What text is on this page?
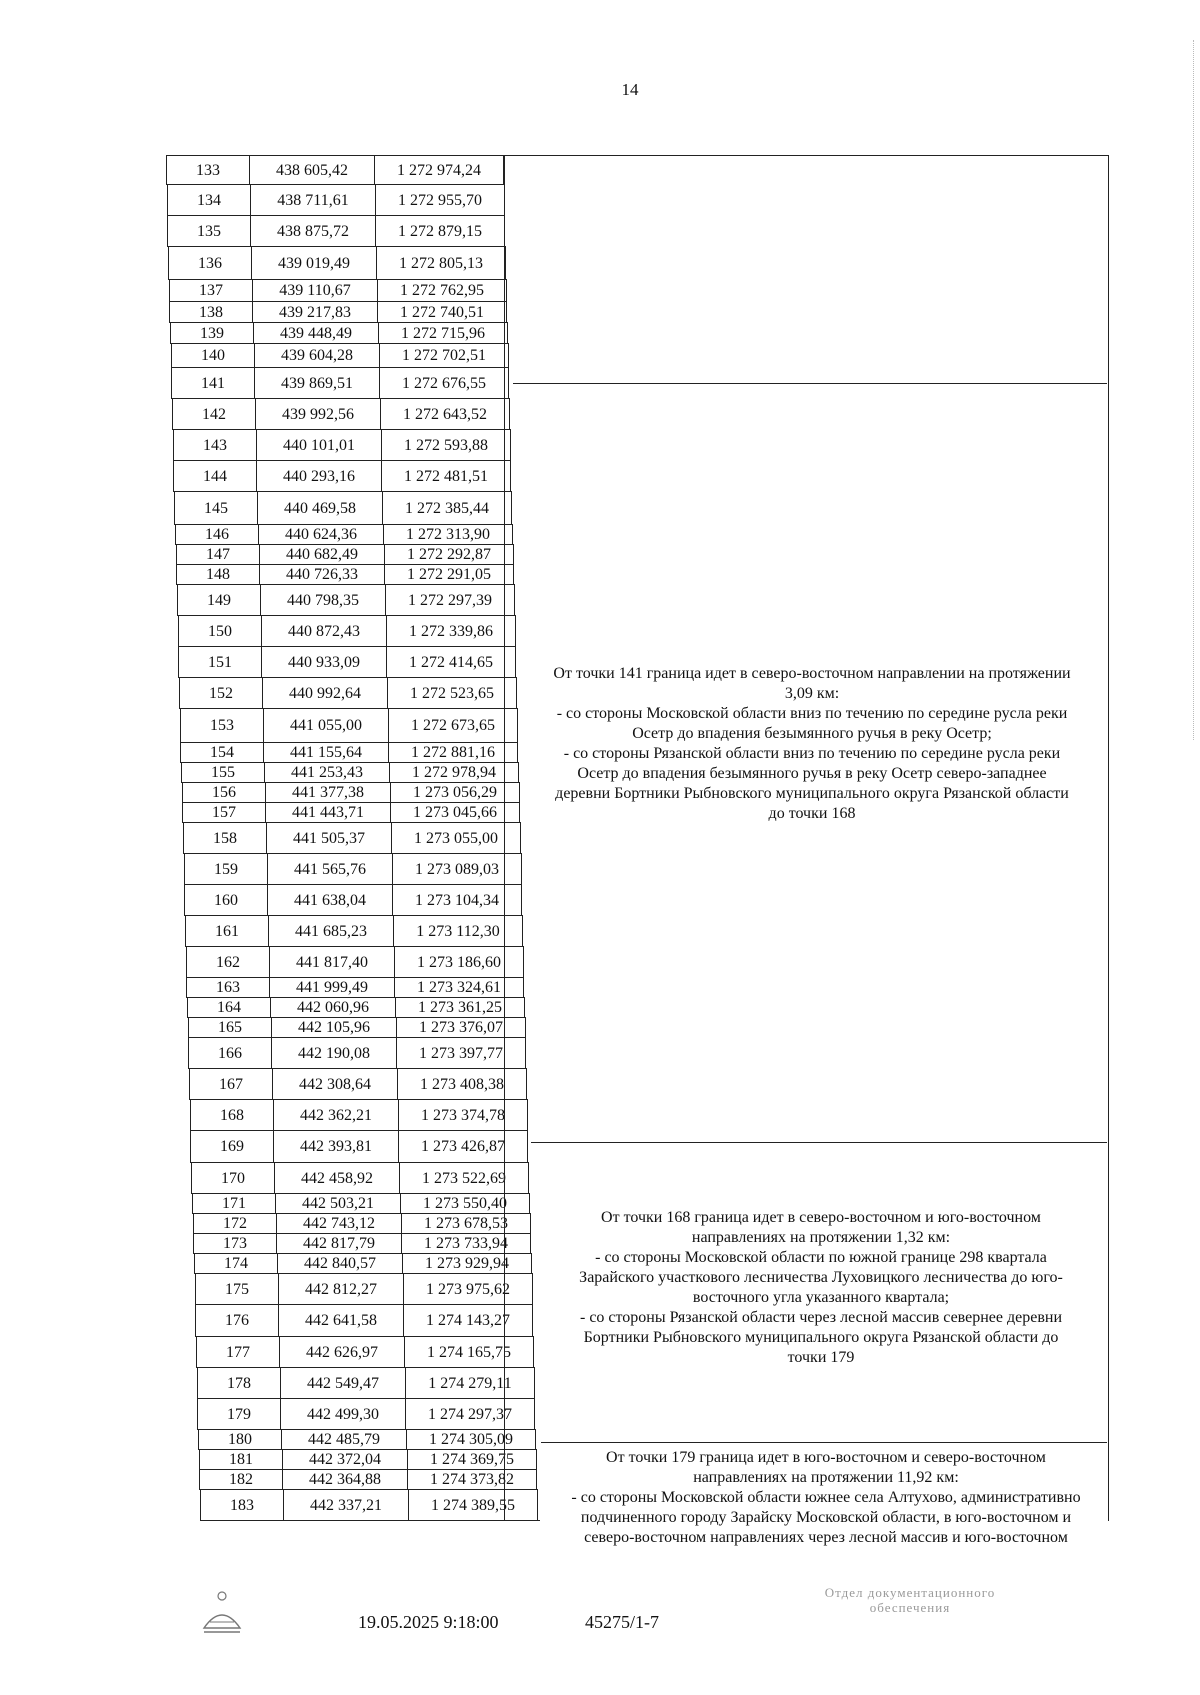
14
133	438 605,42	1 272 974,24
134	438 711,61	1 272 955,70
135	438 875,72	1 272 879,15
136	439 019,49	1 272 805,13
137	439 110,67	1 272 762,95
138	439 217,83	1 272 740,51
139	439 448,49	1 272 715,96
140	439 604,28	1 272 702,51
141	439 869,51	1 272 676,55
142	439 992,56	1 272 643,52
143	440 101,01	1 272 593,88
144	440 293,16	1 272 481,51
145	440 469,58	1 272 385,44
146	440 624,36	1 272 313,90
147	440 682,49	1 272 292,87
148	440 726,33	1 272 291,05
149	440 798,35	1 272 297,39
150	440 872,43	1 272 339,86
151	440 933,09	1 272 414,65
152	440 992,64	1 272 523,65
153	441 055,00	1 272 673,65
154	441 155,64	1 272 881,16
155	441 253,43	1 272 978,94
156	441 377,38	1 273 056,29
157	441 443,71	1 273 045,66
158	441 505,37	1 273 055,00
159	441 565,76	1 273 089,03
160	441 638,04	1 273 104,34
161	441 685,23	1 273 112,30
162	441 817,40	1 273 186,60
163	441 999,49	1 273 324,61
164	442 060,96	1 273 361,25
165	442 105,96	1 273 376,07
166	442 190,08	1 273 397,77
167	442 308,64	1 273 408,38
168	442 362,21	1 273 374,78
169	442 393,81	1 273 426,87
170	442 458,92	1 273 522,69
171	442 503,21	1 273 550,40
172	442 743,12	1 273 678,53
173	442 817,79	1 273 733,94
174	442 840,57	1 273 929,94
175	442 812,27	1 273 975,62
176	442 641,58	1 274 143,27
177	442 626,97	1 274 165,75
178	442 549,47	1 274 279,11
179	442 499,30	1 274 297,37
180	442 485,79	1 274 305,09
181	442 372,04	1 274 369,75
182	442 364,88	1 274 373,82
183	442 337,21	1 274 389,55
От точки 141 граница идет в северо-восточном направлении на протяжении
3,09 км:
- со стороны Московской области вниз по течению по середине русла реки
Осетр до впадения безымянного ручья в реку Осетр;
- со стороны Рязанской области вниз по течению по середине русла реки
Осетр до впадения безымянного ручья в реку Осетр северо-западнее
деревни Бортники Рыбновского муниципального округа Рязанской области
до точки 168
От точки 168 граница идет в северо-восточном и юго-восточном
направлениях на протяжении 1,32 км:
- со стороны Московской области по южной границе 298 квартала
Зарайского участкового лесничества Луховицкого лесничества до юго-
восточного угла указанного квартала;
- со стороны Рязанской области через лесной массив севернее деревни
Бортники Рыбновского муниципального округа Рязанской области до
точки 179
От точки 179 граница идет в юго-восточном и северо-восточном
направлениях на протяжении 11,92 км:
- со стороны Московской области южнее села Алтухово, административно
подчиненного городу Зарайску Московской области, в юго-восточном и
северо-восточном направлениях через лесной массив и юго-восточном
Отдел документационного
обеспечения
19.05.2025 9:18:00	45275/1-7
